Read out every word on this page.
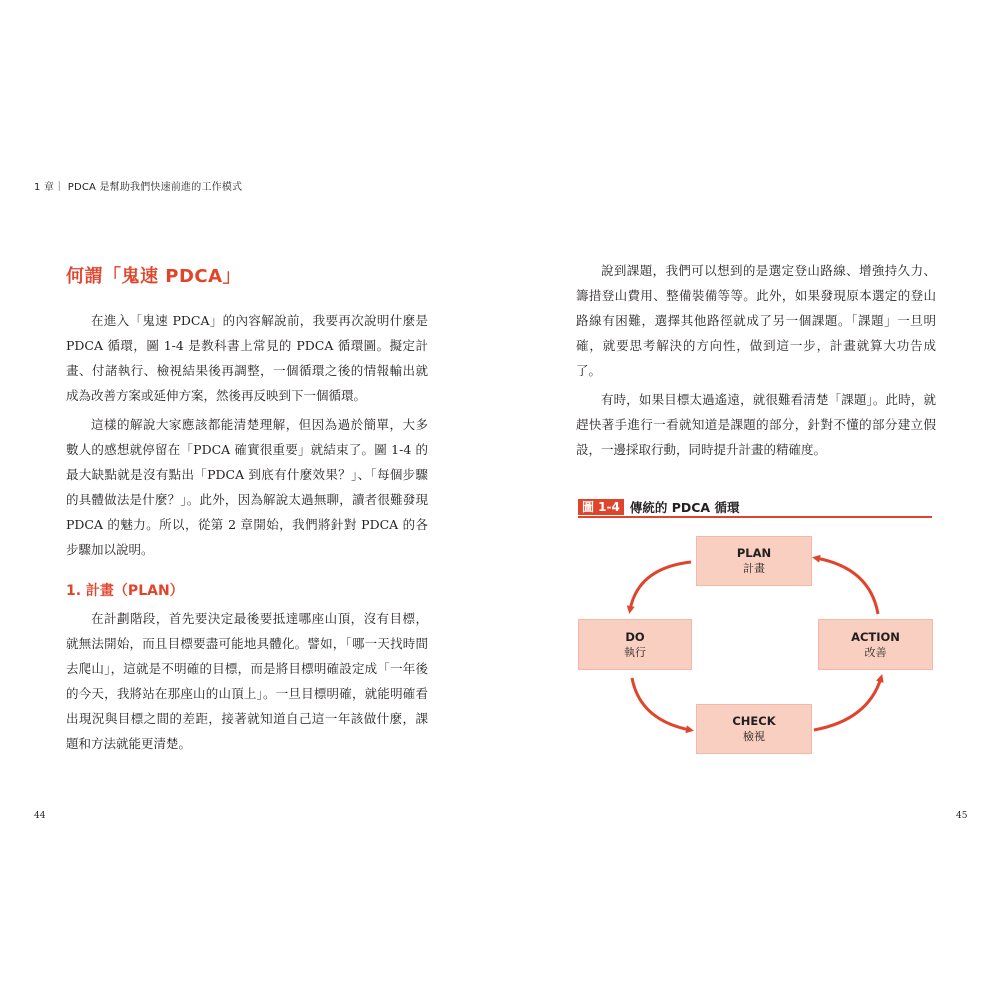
1 章｜ PDCA 是幫助我們快速前進的工作模式
何謂「鬼速 PDCA」

在進入「鬼速 PDCA」的內容解說前，我要再次說明什麼是 PDCA 循環，圖 1-4 是教科書上常見的 PDCA 循環圖。擬定計畫、付諸執行、檢視結果後再調整，一個循環之後的情報輸出就成為改善方案或延伸方案，然後再反映到下一個循環。

這樣的解說大家應該都能清楚理解，但因為過於簡單，大多數人的感想就停留在「PDCA 確實很重要」就結束了。圖 1-4 的最大缺點就是沒有點出「PDCA 到底有什麼效果？」、「每個步驟的具體做法是什麼？」。此外，因為解說太過無聊，讀者很難發現 PDCA 的魅力。所以，從第 2 章開始，我們將針對 PDCA 的各步驟加以說明。

1. 計畫（PLAN）

在計劃階段，首先要決定最後要抵達哪座山頂，沒有目標，就無法開始，而且目標要盡可能地具體化。譬如，「哪一天找時間去爬山」，這就是不明確的目標，而是將目標明確設定成「一年後的今天，我將站在那座山的山頂上」。一旦目標明確，就能明確看出現況與目標之間的差距，接著就知道自己這一年該做什麼，課題和方法就能更清楚。

44

說到課題，我們可以想到的是選定登山路線、增強持久力、籌措登山費用、整備裝備等等。此外，如果發現原本選定的登山路線有困難，選擇其他路徑就成了另一個課題。「課題」一旦明確，就要思考解決的方向性，做到這一步，計畫就算大功告成了。

有時，如果目標太過遙遠，就很難看清楚「課題」。此時，就趕快著手進行一看就知道是課題的部分，針對不懂的部分建立假設，一邊採取行動，同時提升計畫的精確度。

圖 1-4 傳統的 PDCA 循環
PLAN
計畫
DO
執行
ACTION
改善
CHECK
檢視
45
